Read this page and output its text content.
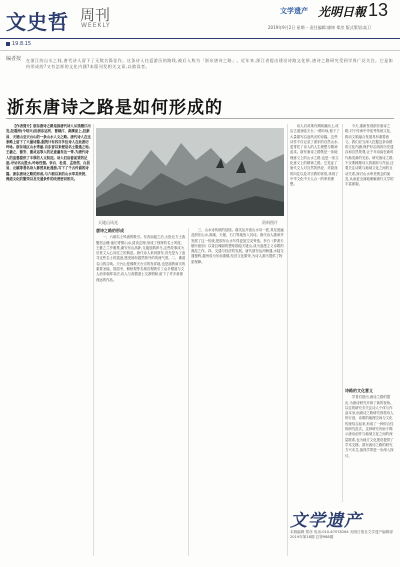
文史哲 周刊
WEEKLY
文学遗产 光明日報 13
2019年9月2日 星期一 责任编辑:廖坤 郑彦 版式策划:高卫
19.8.15
编者按 在浙江的山水之间,唐代诗人留下了无数名篇佳作。这条诗人往返游历的路线,被后人称为「浙东唐诗之路」。近年来,浙江省提出建设诗路文化带,唐诗之路研究受到学界广泛关注。它是如何形成的?又有怎样的文化内涵?本版刊发相关文章,以飨读者。
浙东唐诗之路是如何形成的

【作者简介】浙东唐诗之路是指唐代诗人从钱塘江出发,经越州(今绍兴)沿浙东运河、曹娥江、剡溪而上,经新昌、天姥山至天台山的一条山水人文之路。唐代诗人在这条路上留下了大量诗篇,据统计有四百多位诗人在此游历吟咏。浙东地区山水秀丽,自东晋以来便是名士隐逸之地,王羲之、谢安、谢灵运等人的足迹遍布这一带,为唐代诗人的追慕提供了丰厚的人文积淀。诗人们沿着前贤的足迹,寻访名山胜水,吟咏性情。李白、杜甫、孟浩然、白居易、元稹等著名诗人都曾来此漫游,写下了千古传诵的诗篇。浙东唐诗之路的形成,与六朝以来的山水审美传统、佛道文化的繁荣以及交通条件的改善密切相关。

天姥山风光	资料图片
唐诗之路的形成

一、六朝名士风流的吸引。东晋南渡之后,大批北方士族聚居会稽,他们寄情山水,清谈玄理,形成了独特的名士风度。王羲之兰亭雅集,谢安东山高卧,支遁放鹤养马,这些故事成为后世文人心向往之的典范。唐代诗人来到浙东,首先是为了追寻这些名士的遗迹,感受那份超然物外的风流气度。二、佛道名山的召唤。天台山是佛教天台宗的发祥地,也是道教南宗的重要圣地。国清寺、桐柏观等名刹宫观吸引了众多僧道与文人前来朝拜求法,诗人与高僧道士交游唱和,留下了许多意境深远的作品。

三、山水诗传统的延续。谢灵运开创山水诗一派,其足迹遍及浙东山水,剡溪、天姥、石门等地皆入其诗。唐代诗人继承并发展了这一传统,把浙东山水写得更加空灵秀逸。李白《梦游天姥吟留别》以奇幻瑰丽的想象描绘天姥山,成为浪漫主义诗歌的典范之作。四、交通与经济的发展。唐代浙东运河畅通,水陆交通便利,越州成为东南重镇,经济文化繁荣,为诗人游历提供了物质保障。

诗人们或乘舟溯剡溪而上,或沿古道登临天台,一路吟咏,留下了大量描写沿途风光的诗篇。这些诗作不仅记录了浙东的自然山水,更寄托了诗人的人生理想与精神追求。浙东唐诗之路既是一条地理意义上的山水之路,也是一条文化意义上的精神之路。它见证了唐代文人对自然的热爱、对隐逸的向往以及对宗教的体悟,体现了中华文化中天人合一的审美理想。

今天,重新发现浙东唐诗之路,对于传承中华优秀传统文化、推动文旅融合发展具有重要意义。我们应当深入挖掘这条诗路的文化内涵,保护好沿线的历史遗存和自然景观,让千年诗韵在新时代焕发新的光彩。研究唐诗之路,不仅要梳理诗人的游踪与作品,还要关注诗歌与地域文化之间的互动关系,探讨山水审美观念的演变,从而更全面地理解唐代文学的丰富面貌。

诗路的文化意义

学者们指出,唐诗之路的提出,为唐诗研究开辟了新的视角。以往的研究多关注诗人个体与作品本身,而唐诗之路研究则将诗人的行迹、诗歌的地理空间与文化传统结合起来,形成了一种综合性的研究范式。这种研究有助于揭示唐诗创作与地域文化之间的深层联系,也为地方文化建设提供了学术支撑。浙东唐诗之路的研究方兴未艾,值得学界进一步深入探讨。

文学遗产
本版编辑 郑彦 电话:010-67078264 光明日报社文学遗产编辑部 2019年第18期 总第988期
